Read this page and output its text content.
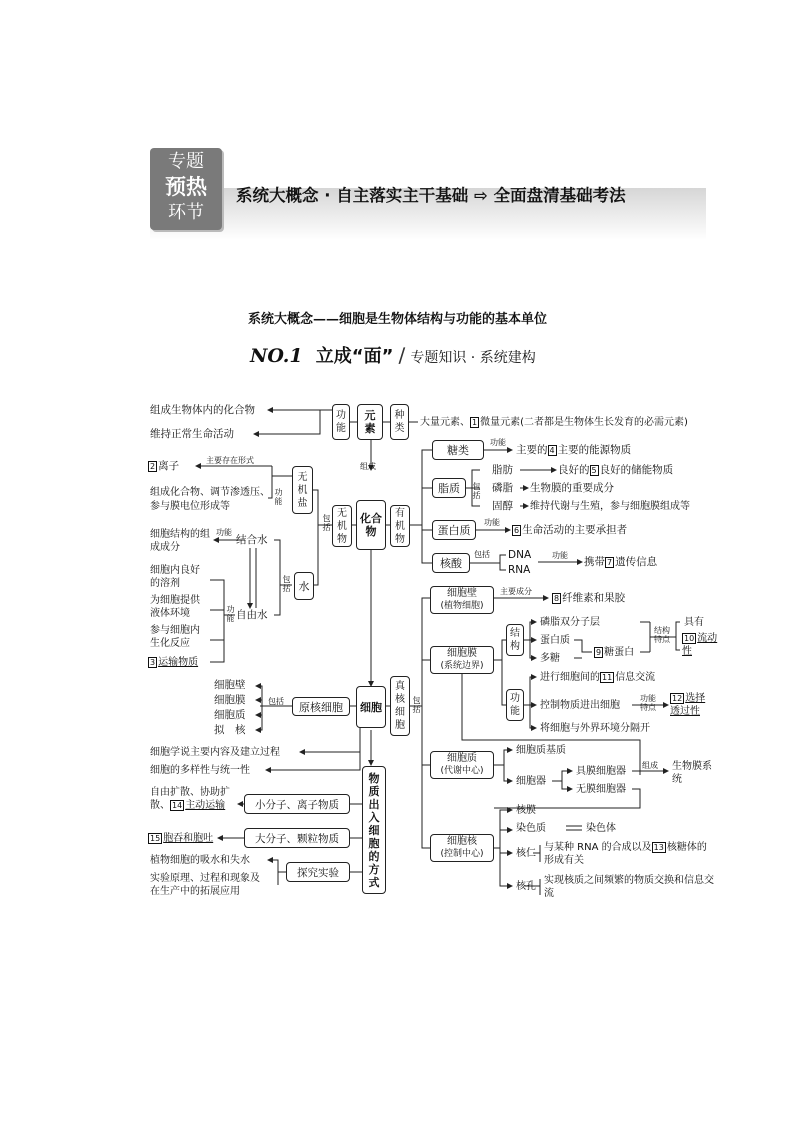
专题
预热
环节
系统大概念 · 自主落实主干基础 ⇨ 全面盘清基础考法
系统大概念——细胞是生物体结构与功能的基本单位
NO.1 立成“面” ∕ 专题知识 · 系统建构
组成生物体内的化合物
维持正常生命活动
功能
元素
种类
大量元素、 1 微量元素(二者都是生物体生长发育的必需元素)
组成
2 离子	主要存在形式
组成化合物、调节渗透压、参与膜电位形成等
功能
无机盐
包括
无机物
化合物
细胞结构的组成成分
功能
结合水
细胞内良好的溶剂
为细胞提供液体环境
参与细胞内生化反应
3 运输物质
功能 自由水
包括 水
有机物
糖类
功能
主要的 4 主要的能源物质
脂质	包括
脂肪	良好的 5 良好的储能物质
磷脂 生物膜的重要成分
固醇 维持代谢与生殖，参与细胞膜组成等
蛋白质
功能
6 生命活动的主要承担者
核酸
包括 DNA
RNA
功能
携带 7 遗传信息
细胞壁
细胞膜
细胞质
拟　核
包括	原核细胞	细胞
真核细胞
包括
细胞学说主要内容及建立过程
细胞的多样性与统一性
细胞壁
(植物细胞)
主要成分
8 纤维素和果胶
细胞膜
(系统边界)
结构
磷脂双分子层
蛋白质
多糖
9 糖蛋白
结构特点
具有
10 流动性
功能
进行细胞间的 11 信息交流
控制物质进出细胞
功能特点
12 选择透过性
将细胞与外界环境分隔开
细胞质
(代谢中心)
细胞质基质
细胞器
具膜细胞器
无膜细胞器
组成 生物膜系统
细胞核
(控制中心)
核膜
染色质	染色体
核仁
与某种 RNA 的合成以及 13 核糖体的形成有关
核孔
实现核质之间频繁的物质交换和信息交流
物质出入细胞的方式
自由扩散、协助扩散、 14 主动运输	小分子、离子物质
15 胞吞和胞吐	大分子、颗粒物质
植物细胞的吸水和失水
实验原理、过程和现象及在生产中的拓展应用
探究实验
